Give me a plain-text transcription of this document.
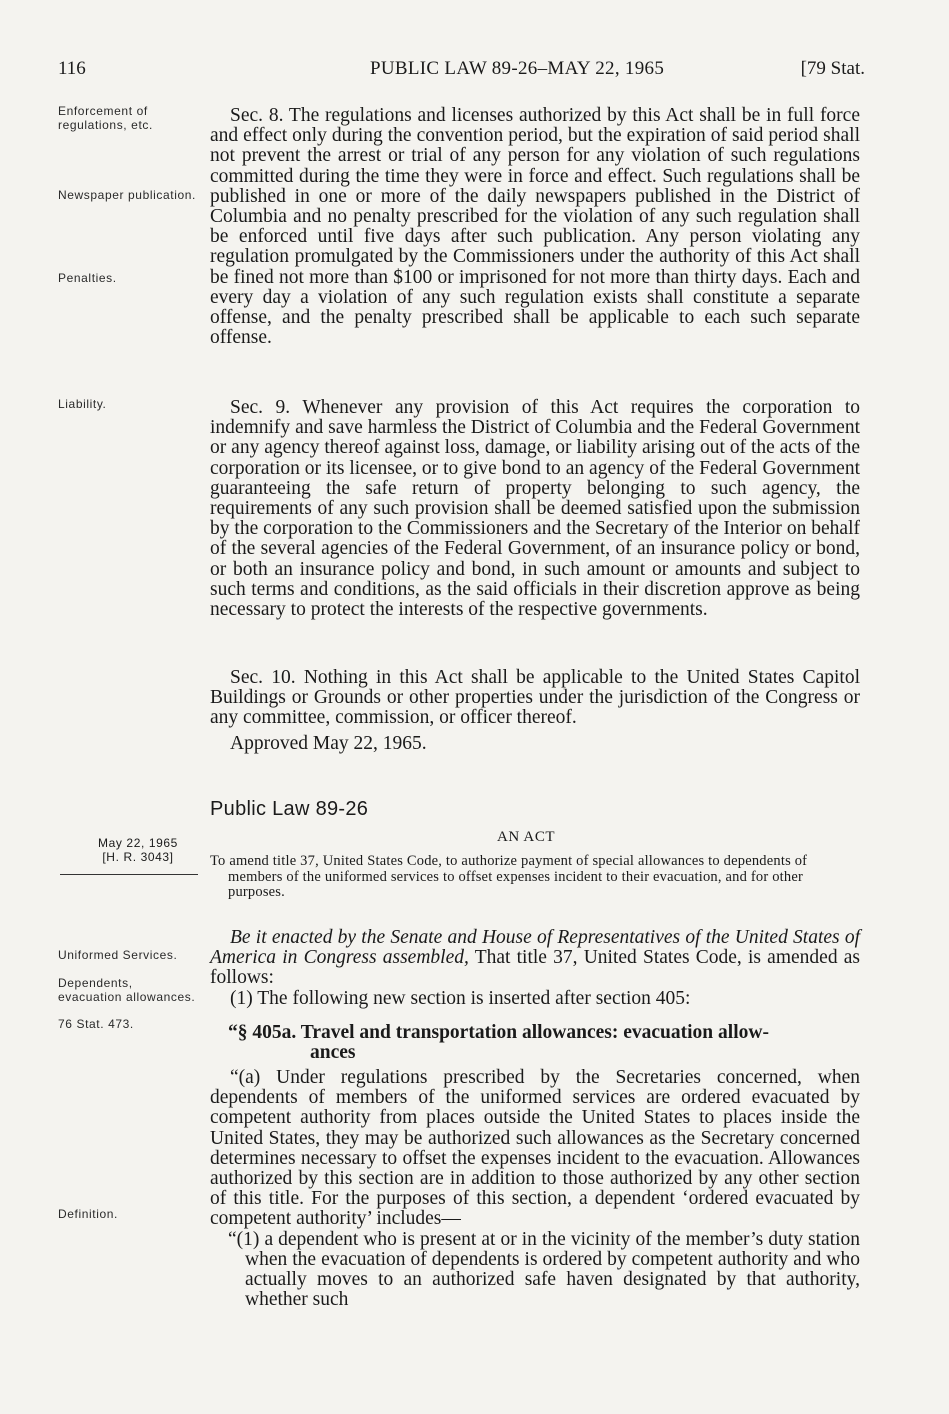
116	PUBLIC LAW 89-26–MAY 22, 1965	[79 Stat.
Enforcement of regulations, etc.
Newspaper publication.
Penalties.
Liability.

Sec. 8. The regulations and licenses authorized by this Act shall be in full force and effect only during the convention period, but the expiration of said period shall not prevent the arrest or trial of any person for any violation of such regulations committed during the time they were in force and effect. Such regulations shall be published in one or more of the daily newspapers published in the District of Columbia and no penalty prescribed for the violation of any such regulation shall be enforced until five days after such publication. Any person violating any regulation promulgated by the Commissioners under the authority of this Act shall be fined not more than $100 or imprisoned for not more than thirty days. Each and every day a violation of any such regulation exists shall constitute a separate offense, and the penalty prescribed shall be applicable to each such separate offense.

Sec. 9. Whenever any provision of this Act requires the corporation to indemnify and save harmless the District of Columbia and the Federal Government or any agency thereof against loss, damage, or liability arising out of the acts of the corporation or its licensee, or to give bond to an agency of the Federal Government guaranteeing the safe return of property belonging to such agency, the requirements of any such provision shall be deemed satisfied upon the submission by the corporation to the Commissioners and the Secretary of the Interior on behalf of the several agencies of the Federal Government, of an insurance policy or bond, or both an insurance policy and bond, in such amount or amounts and subject to such terms and conditions, as the said officials in their discretion approve as being necessary to protect the interests of the respective governments.

Sec. 10. Nothing in this Act shall be applicable to the United States Capitol Buildings or Grounds or other properties under the jurisdiction of the Congress or any committee, commission, or officer thereof.

Approved May 22, 1965.
Public Law 89-26
AN ACT
May 22, 1965
[H. R. 3043]	To amend title 37, United States Code, to authorize payment of special allowances to dependents of members of the uniformed services to offset expenses incident to their evacuation, and for other purposes.
Uniformed Services.
Dependents, evacuation allowances.
76 Stat. 473.
Definition.

Be it enacted by the Senate and House of Representatives of the United States of America in Congress assembled, That title 37, United States Code, is amended as follows:

(1) The following new section is inserted after section 405:

“§ 405a. Travel and transportation allowances: evacuation allow-
ances

“(a) Under regulations prescribed by the Secretaries concerned, when dependents of members of the uniformed services are ordered evacuated by competent authority from places outside the United States to places inside the United States, they may be authorized such allowances as the Secretary concerned determines necessary to offset the expenses incident to the evacuation. Allowances authorized by this section are in addition to those authorized by any other section of this title. For the purposes of this section, a dependent ‘ordered evacuated by competent authority’ includes—

“(1) a dependent who is present at or in the vicinity of the member’s duty station when the evacuation of dependents is ordered by competent authority and who actually moves to an authorized safe haven designated by that authority, whether such
